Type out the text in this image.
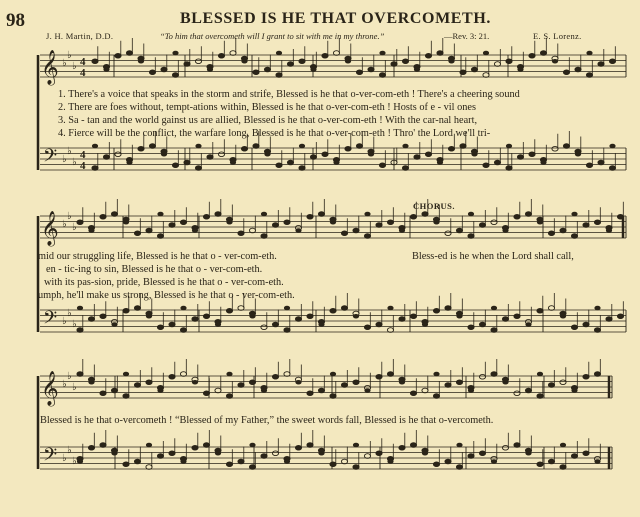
98	BLESSED IS HE THAT OVERCOMETH.
J. H. Martin, D.D.	“To him that overcometh will I grant to sit with me in my throne.”	—Rev. 3: 21.	E. S. Lorenz.
𝄞
𝄢
♭
♭
♭
♭
♭
♭
4
4
4
4
𝄞
𝄢
♭
♭
♭
♭
♭
♭
𝄞
𝄢
♭
♭
♭
♭
♭
♭
1. There's a voice that speaks in the storm and strife, Blessed is he that o-ver-com-eth ! There's a cheering sound
2. There are foes without, tempt-ations within, Blessed is he that o-ver-com-eth ! Hosts of e - vil ones
3. Sa - tan and the world gainst us are allied, Blessed is he that o-ver-com-eth ! With the car-nal heart,
4. Fierce will be the conflict, the warfare long, Blessed is he that o-ver-com-eth ! Thro' the Lord we'll tri-
CHORUS.
mid our struggling life, Blessed is he that o - ver-com-eth.
en - tic-ing to sin, Blessed is he that o - ver-com-eth.
with its pas-sion, pride, Blessed is he that o - ver-com-eth.
umph, he'll make us strong, Blessed is he that o - ver-com-eth.
Bless-ed is he when the Lord shall call,
Blessed is he that o-vercometh ! “Blessed of my Father,” the sweet words fall, Blessed is he that o-vercometh.
